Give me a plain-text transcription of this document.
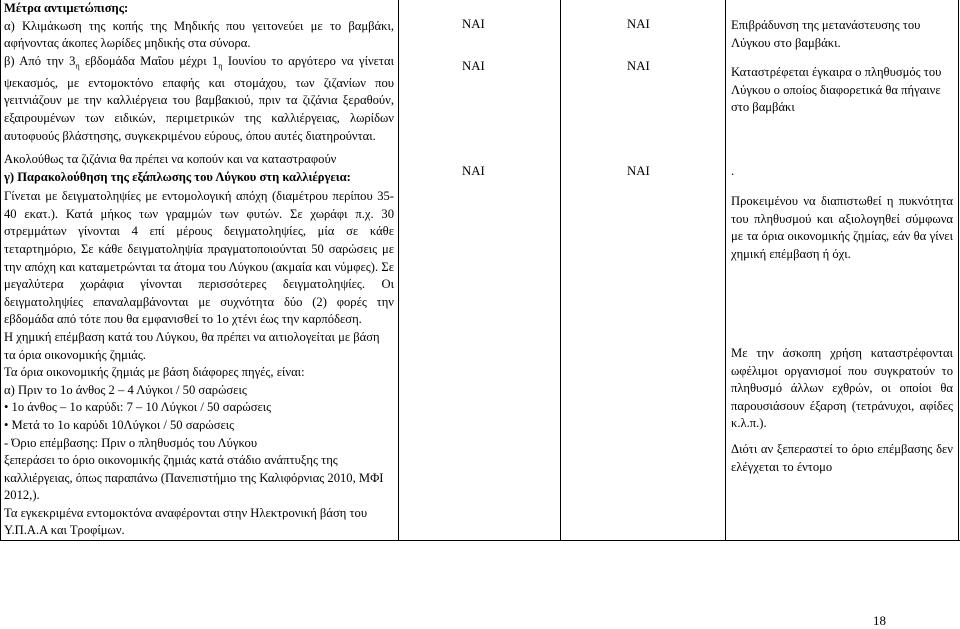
Μέτρα αντιμετώπισης:
α) Κλιμάκωση της κοπής της Μηδικής που γειτονεύει με το βαμβάκι, αφήνοντας άκοπες λωρίδες μηδικής στα σύνορα.
β) Από την $3_\eta$ εβδομάδα Μαΐου μέχρι $1_\eta$ Ιουνίου το αργότερο να γίνεται ψεκασμός, με εντομοκτόνο επαφής και στομάχου, των ζιζανίων που γειτνιάζουν με την καλλιέργεια του βαμβακιού, πριν τα ζιζάνια ξεραθούν, εξαιρουμένων των ειδικών, περιμετρικών της καλλιέργειας, λωρίδων αυτοφυούς βλάστησης, συγκεκριμένου εύρους, όπου αυτές διατηρούνται.
Ακολούθως τα ζιζάνια θα πρέπει να κοπούν και να καταστραφούν
γ) Παρακολούθηση της εξάπλωσης του Λύγκου στη καλλιέργεια:
Γίνεται με δειγματοληψίες με εντομολογική απόχη (διαμέτρου περίπου 35-40 εκατ.). Κατά μήκος των γραμμών των φυτών. Σε χωράφι π.χ. 30 στρεμμάτων γίνονται 4 επί μέρους δειγματοληψίες, μία σε κάθε τεταρτημόριο, Σε κάθε δειγματοληψία πραγματοποιούνται 50 σαρώσεις με την απόχη και καταμετρώνται τα άτομα του Λύγκου (ακμαία και νύμφες). Σε μεγαλύτερα χωράφια γίνονται περισσότερες δειγματοληψίες. Οι δειγματοληψίες επαναλαμβάνονται με συχνότητα δύο (2) φορές την εβδομάδα από τότε που θα εμφανισθεί το 1ο χτένι έως την καρπόδεση.
Η χημική επέμβαση κατά του Λύγκου, θα πρέπει να αιτιολογείται με βάση τα όρια οικονομικής ζημιάς.
Τα όρια οικονομικής ζημιάς με βάση διάφορες πηγές, είναι:
α) Πριν το 1ο άνθος 2 – 4 Λύγκοι / 50 σαρώσεις
• 1ο άνθος – 1ο καρύδι: 7 – 10 Λύγκοι / 50 σαρώσεις
• Μετά το 1ο καρύδι 10Λύγκοι / 50 σαρώσεις
- Όριο επέμβασης: Πριν ο πληθυσμός του Λύγκου
ξεπεράσει το όριο οικονομικής ζημιάς κατά στάδιο ανάπτυξης της καλλιέργειας, όπως παραπάνω (Πανεπιστήμιο της Καλιφόρνιας 2010, ΜΦΙ 2012,).
Τα εγκεκριμένα εντομοκτόνα αναφέρονται στην Ηλεκτρονική βάση του Υ.Π.Α.Α και Τροφίμων.
ΝΑΙ
ΝΑΙ
ΝΑΙ
ΝΑΙ
ΝΑΙ
ΝΑΙ
Επιβράδυνση της μετανάστευσης του Λύγκου στο βαμβάκι.
Καταστρέφεται έγκαιρα ο πληθυσμός του Λύγκου ο οποίος διαφορετικά θα πήγαινε στο βαμβάκι
.
Προκειμένου να διαπιστωθεί η πυκνότητα του πληθυσμού και αξιολογηθεί σύμφωνα με τα όρια οικονομικής ζημίας, εάν θα γίνει χημική επέμβαση ή όχι.
Με την άσκοπη χρήση καταστρέφονται ωφέλιμοι οργανισμοί που συγκρατούν το πληθυσμό άλλων εχθρών, οι οποίοι θα παρουσιάσουν έξαρση (τετράνυχοι, αφίδες κ.λ.π.).
Διότι αν ξεπεραστεί το όριο επέμβασης δεν ελέγχεται το έντομο
18
